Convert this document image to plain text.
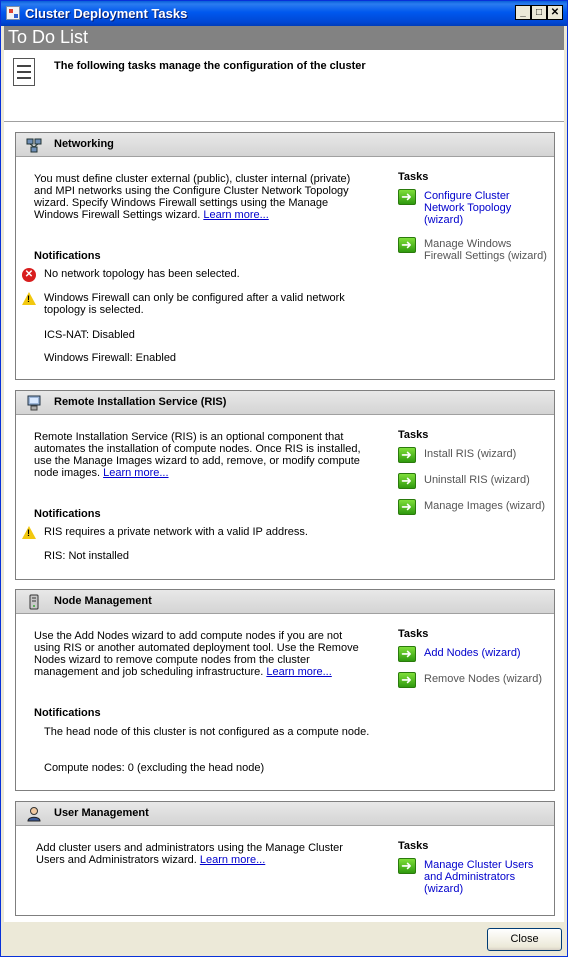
Cluster Deployment Tasks	_	□ ✕
To Do List
The following tasks manage the configuration of the cluster
Networking
You must define cluster external (public), cluster internal (private) and MPI networks using the Configure Cluster Network Topology wizard. Specify Windows Firewall settings using the Manage Windows Firewall Settings wizard. Learn more...
Tasks
➜
Configure Cluster Network Topology (wizard)
➜
Manage Windows Firewall Settings (wizard)
Notifications
✕ No network topology has been selected.
!
Windows Firewall can only be configured after a valid network topology is selected.
ICS-NAT: Disabled
Windows Firewall: Enabled
Remote Installation Service (RIS)
Remote Installation Service (RIS) is an optional component that automates the installation of compute nodes. Once RIS is installed, use the Manage Images wizard to add, remove, or modify compute node images. Learn more...
Tasks
➜
Install RIS (wizard)
➜
Uninstall RIS (wizard)
➜
Manage Images (wizard)
Notifications
!
RIS requires a private network with a valid IP address.
RIS: Not installed
Node Management
Use the Add Nodes wizard to add compute nodes if you are not using RIS or another automated deployment tool. Use the Remove Nodes wizard to remove compute nodes from the cluster management and job scheduling infrastructure. Learn more...
Tasks
➜
Add Nodes (wizard)
➜
Remove Nodes (wizard)
Notifications
The head node of this cluster is not configured as a compute node.
Compute nodes: 0 (excluding the head node)
User Management
Add cluster users and administrators using the Manage Cluster Users and Administrators wizard. Learn more...
Tasks
➜
Manage Cluster Users and Administrators (wizard)
Close
